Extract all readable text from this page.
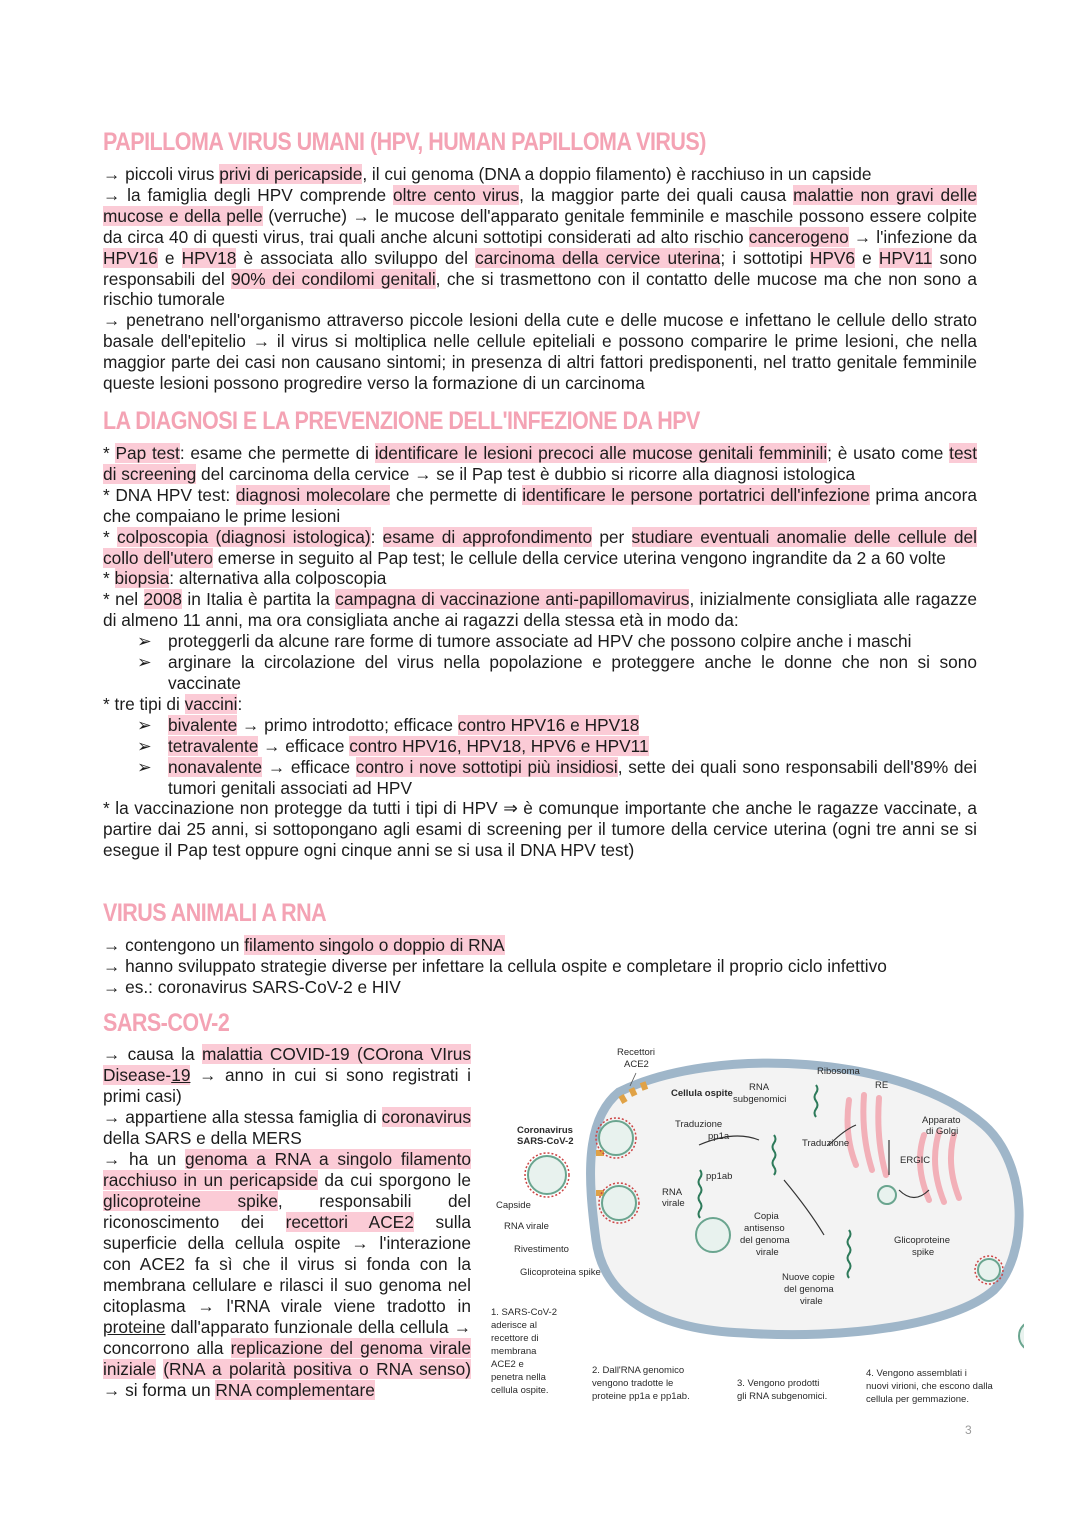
PAPILLOMA VIRUS UMANI (HPV, HUMAN PAPILLOMA VIRUS)
→ piccoli virus privi di pericapside, il cui genoma (DNA a doppio filamento) è racchiuso in un capside
→ la famiglia degli HPV comprende oltre cento virus, la maggior parte dei quali causa malattie non gravi delle mucose e della pelle (verruche) → le mucose dell'apparato genitale femminile e maschile possono essere colpite da circa 40 di questi virus, trai quali anche alcuni sottotipi considerati ad alto rischio cancerogeno → l'infezione da HPV16 e HPV18 è associata allo sviluppo del carcinoma della cervice uterina; i sottotipi HPV6 e HPV11 sono responsabili del 90% dei condilomi genitali, che si trasmettono con il contatto delle mucose ma che non sono a rischio tumorale
→ penetrano nell'organismo attraverso piccole lesioni della cute e delle mucose e infettano le cellule dello strato basale dell'epitelio → il virus si moltiplica nelle cellule epiteliali e possono comparire le prime lesioni, che nella maggior parte dei casi non causano sintomi; in presenza di altri fattori predisponenti, nel tratto genitale femminile queste lesioni possono progredire verso la formazione di un carcinoma
LA DIAGNOSI E LA PREVENZIONE DELL'INFEZIONE DA HPV
* Pap test: esame che permette di identificare le lesioni precoci alle mucose genitali femminili; è usato come test di screening del carcinoma della cervice → se il Pap test è dubbio si ricorre alla diagnosi istologica
* DNA HPV test: diagnosi molecolare che permette di identificare le persone portatrici dell'infezione prima ancora che compaiano le prime lesioni
* colposcopia (diagnosi istologica): esame di approfondimento per studiare eventuali anomalie delle cellule del collo dell'utero emerse in seguito al Pap test; le cellule della cervice uterina vengono ingrandite da 2 a 60 volte
* biopsia: alternativa alla colposcopia
* nel 2008 in Italia è partita la campagna di vaccinazione anti-papillomavirus, inizialmente consigliata alle ragazze di almeno 11 anni, ma ora consigliata anche ai ragazzi della stessa età in modo da:
➢ proteggerli da alcune rare forme di tumore associate ad HPV che possono colpire anche i maschi
➢ arginare la circolazione del virus nella popolazione e proteggere anche le donne che non si sono vaccinate
* tre tipi di vaccini:
➢ bivalente → primo introdotto; efficace contro HPV16 e HPV18
➢ tetravalente → efficace contro HPV16, HPV18, HPV6 e HPV11
➢ nonavalente → efficace contro i nove sottotipi più insidiosi, sette dei quali sono responsabili dell'89% dei tumori genitali associati ad HPV
* la vaccinazione non protegge da tutti i tipi di HPV ⇒ è comunque importante che anche le ragazze vaccinate, a partire dai 25 anni, si sottopongano agli esami di screening per il tumore della cervice uterina (ogni tre anni se si esegue il Pap test oppure ogni cinque anni se si usa il DNA HPV test)
VIRUS ANIMALI A RNA
→ contengono un filamento singolo o doppio di RNA
→ hanno sviluppato strategie diverse per infettare la cellula ospite e completare il proprio ciclo infettivo
→ es.: coronavirus SARS-CoV-2 e HIV
SARS-COV-2
→ causa la malattia COVID-19 (COrona VIrus Disease-19 → anno in cui si sono registrati i primi casi)
→ appartiene alla stessa famiglia di coronavirus della SARS e della MERS
→ ha un genoma a RNA a singolo filamento racchiuso in un pericapside da cui sporgono le glicoproteine spike, responsabili del riconoscimento dei recettori ACE2 sulla superficie della cellula ospite → l'interazione con ACE2 fa sì che il virus si fonda con la membrana cellulare e rilasci il suo genoma nel citoplasma → l'RNA virale viene tradotto in proteine dall'apparato funzionale della cellula → concorrono alla replicazione del genoma virale iniziale (RNA a polarità positiva o RNA senso) → si forma un RNA complementare
Recettori
ACE2
Ribosoma
Cellula ospite
RNA
subgenomici
RE
Apparato
di Golgi
Coronavirus
SARS-CoV-2
Traduzione
pp1a
pp1ab
Traduzione
ERGIC
Capside
RNA virale
RNA
virale
Rivestimento
Glicoproteina spike
Copia
antisenso
del genoma
virale
Glicoproteine
spike
Nuove copie
del genoma
virale
1. SARS-CoV-2
aderisce al
recettore di
membrana
ACE2 e
penetra nella
cellula ospite.
2. Dall'RNA genomico
vengono tradotte le
proteine pp1a e pp1ab.
3. Vengono prodotti
gli RNA subgenomici.
4. Vengono assemblati i
nuovi virioni, che escono dalla
cellula per gemmazione.
3
